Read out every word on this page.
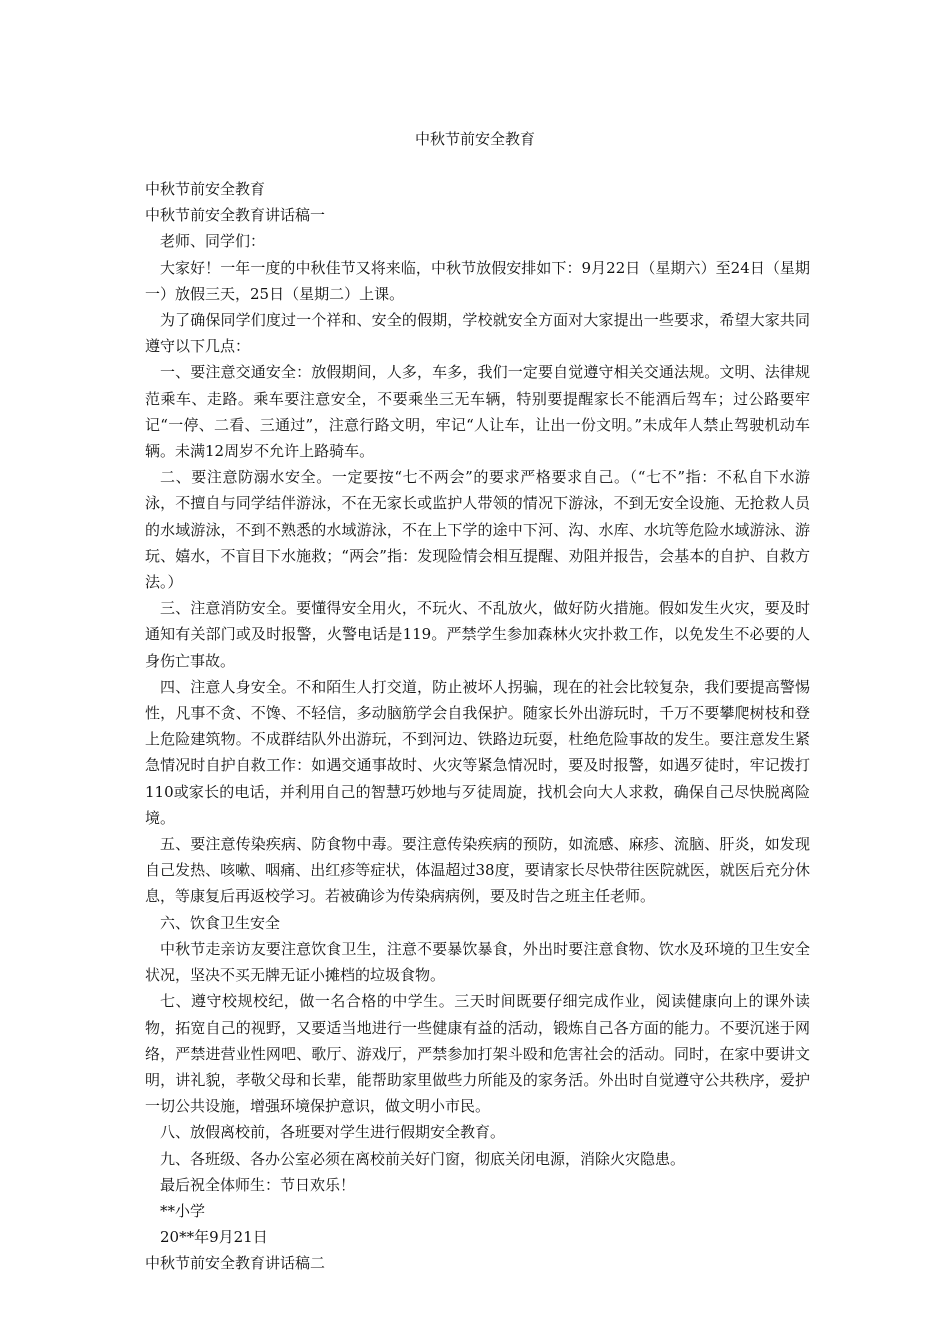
中秋节前安全教育

中秋节前安全教育

中秋节前安全教育讲话稿一

老师、同学们：

大家好！一年一度的中秋佳节又将来临，中秋节放假安排如下：9月22日（星期六）至24日（星期一）放假三天，25日（星期二）上课。

为了确保同学们度过一个祥和、安全的假期，学校就安全方面对大家提出一些要求，希望大家共同遵守以下几点：

一、要注意交通安全：放假期间，人多，车多，我们一定要自觉遵守相关交通法规。文明、法律规范乘车、走路。乘车要注意安全，不要乘坐三无车辆，特别要提醒家长不能酒后驾车；过公路要牢记“一停、二看、三通过”，注意行路文明，牢记“人让车，让出一份文明。”未成年人禁止驾驶机动车辆。未满12周岁不允许上路骑车。

二、要注意防溺水安全。一定要按“七不两会”的要求严格要求自己。（“七不”指：不私自下水游泳，不擅自与同学结伴游泳，不在无家长或监护人带领的情况下游泳，不到无安全设施、无抢救人员的水域游泳，不到不熟悉的水域游泳，不在上下学的途中下河、沟、水库、水坑等危险水域游泳、游玩、嬉水，不盲目下水施救；“两会”指：发现险情会相互提醒、劝阻并报告，会基本的自护、自救方法。）

三、注意消防安全。要懂得安全用火，不玩火、不乱放火，做好防火措施。假如发生火灾，要及时通知有关部门或及时报警，火警电话是119。严禁学生参加森林火灾扑救工作，以免发生不必要的人身伤亡事故。

四、注意人身安全。不和陌生人打交道，防止被坏人拐骗，现在的社会比较复杂，我们要提高警惕性，凡事不贪、不馋、不轻信，多动脑筋学会自我保护。随家长外出游玩时，千万不要攀爬树枝和登上危险建筑物。不成群结队外出游玩，不到河边、铁路边玩耍，杜绝危险事故的发生。要注意发生紧急情况时自护自救工作：如遇交通事故时、火灾等紧急情况时，要及时报警，如遇歹徒时，牢记拨打110或家长的电话，并利用自己的智慧巧妙地与歹徒周旋，找机会向大人求救，确保自己尽快脱离险境。

五、要注意传染疾病、防食物中毒。要注意传染疾病的预防，如流感、麻疹、流脑、肝炎，如发现自己发热、咳嗽、咽痛、出红疹等症状，体温超过38度，要请家长尽快带往医院就医，就医后充分休息，等康复后再返校学习。若被确诊为传染病病例，要及时告之班主任老师。

六、饮食卫生安全

中秋节走亲访友要注意饮食卫生，注意不要暴饮暴食，外出时要注意食物、饮水及环境的卫生安全状况，坚决不买无牌无证小摊档的垃圾食物。

七、遵守校规校纪，做一名合格的中学生。三天时间既要仔细完成作业，阅读健康向上的课外读物，拓宽自己的视野，又要适当地进行一些健康有益的活动，锻炼自己各方面的能力。不要沉迷于网络，严禁进营业性网吧、歌厅、游戏厅，严禁参加打架斗殴和危害社会的活动。同时，在家中要讲文明，讲礼貌，孝敬父母和长辈，能帮助家里做些力所能及的家务活。外出时自觉遵守公共秩序，爱护一切公共设施，增强环境保护意识，做文明小市民。

八、放假离校前，各班要对学生进行假期安全教育。

九、各班级、各办公室必须在离校前关好门窗，彻底关闭电源，消除火灾隐患。

最后祝全体师生：节日欢乐！

**小学

20**年9月21日

中秋节前安全教育讲话稿二
